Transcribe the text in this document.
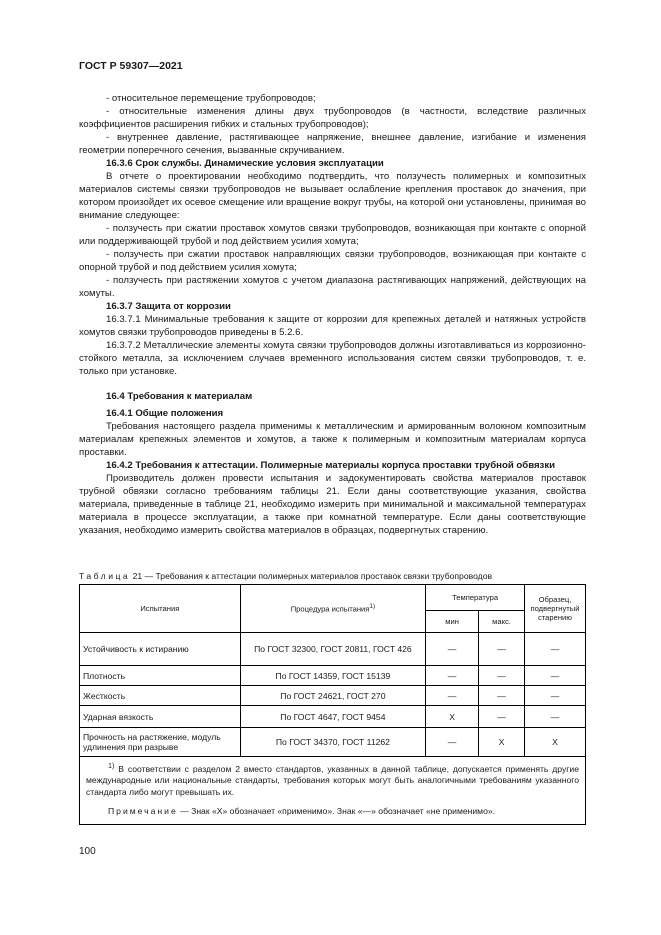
ГОСТ Р 59307—2021

- относительное перемещение трубопроводов;

- относительные изменения длины двух трубопроводов (в частности, вследствие различных коэффициентов расширения гибких и стальных трубопроводов);

- внутреннее давление, растягивающее напряжение, внешнее давление, изгибание и изменения геометрии поперечного сечения, вызванные скручиванием.

16.3.6 Срок службы. Динамические условия эксплуатации

В отчете о проектировании необходимо подтвердить, что ползучесть полимерных и композитных материалов системы связки трубопроводов не вызывает ослабление крепления проставок до значения, при котором произойдет их осевое смещение или вращение вокруг трубы, на которой они установлены, принимая во внимание следующее:

- ползучесть при сжатии проставок хомутов связки трубопроводов, возникающая при контакте с опорной или поддерживающей трубой и под действием усилия хомута;

- ползучесть при сжатии проставок направляющих связки трубопроводов, возникающая при контакте с опорной трубой и под действием усилия хомута;

- ползучесть при растяжении хомутов с учетом диапазона растягивающих напряжений, действующих на хомуты.

16.3.7 Защита от коррозии

16.3.7.1 Минимальные требования к защите от коррозии для крепежных деталей и натяжных устройств хомутов связки трубопроводов приведены в 5.2.6.

16.3.7.2 Металлические элементы хомута связки трубопроводов должны изготавливаться из коррозионно-стойкого металла, за исключением случаев временного использования систем связки трубопроводов, т. е. только при установке.

16.4 Требования к материалам

16.4.1 Общие положения

Требования настоящего раздела применимы к металлическим и армированным волокном композитным материалам крепежных элементов и хомутов, а также к полимерным и композитным материалам корпуса проставки.

16.4.2 Требования к аттестации. Полимерные материалы корпуса проставки трубной обвязки

Производитель должен провести испытания и задокументировать свойства материалов проставок трубной обвязки согласно требованиям таблицы 21. Если даны соответствующие указания, свойства материала, приведенные в таблице 21, необходимо измерить при минимальной и максимальной температурах материала в процессе эксплуатации, а также при комнатной температуре. Если даны соответствующие указания, необходимо измерить свойства материалов в образцах, подвергнутых старению.

Таблица 21 — Требования к аттестации полимерных материалов проставок связки трубопроводов
Испытания	Процедура испытания$^{1)}$	Температура		Образец, подвергнутый старению
		мин	макс.	
Устойчивость к истиранию	По ГОСТ 32300, ГОСТ 20811, ГОСТ 426	—	—	—
Плотность	По ГОСТ 14359, ГОСТ 15139	—	—	—
Жесткость	По ГОСТ 24621, ГОСТ 270	—	—	—
Ударная вязкость	По ГОСТ 4647, ГОСТ 9454	X	—	—
Прочность на растяжение, модуль удлинения при разрыве	По ГОСТ 34370, ГОСТ 11262	—	X	X

$^{1)}$ В соответствии с разделом 2 вместо стандартов, указанных в данной таблице, допускается применять другие международные или национальные стандарты, требования которых могут быть аналогичными требованиям указанного стандарта либо могут превышать их.

Примечание — Знак «X» обозначает «применимо». Знак «—» обозначает «не применимо».				

100
